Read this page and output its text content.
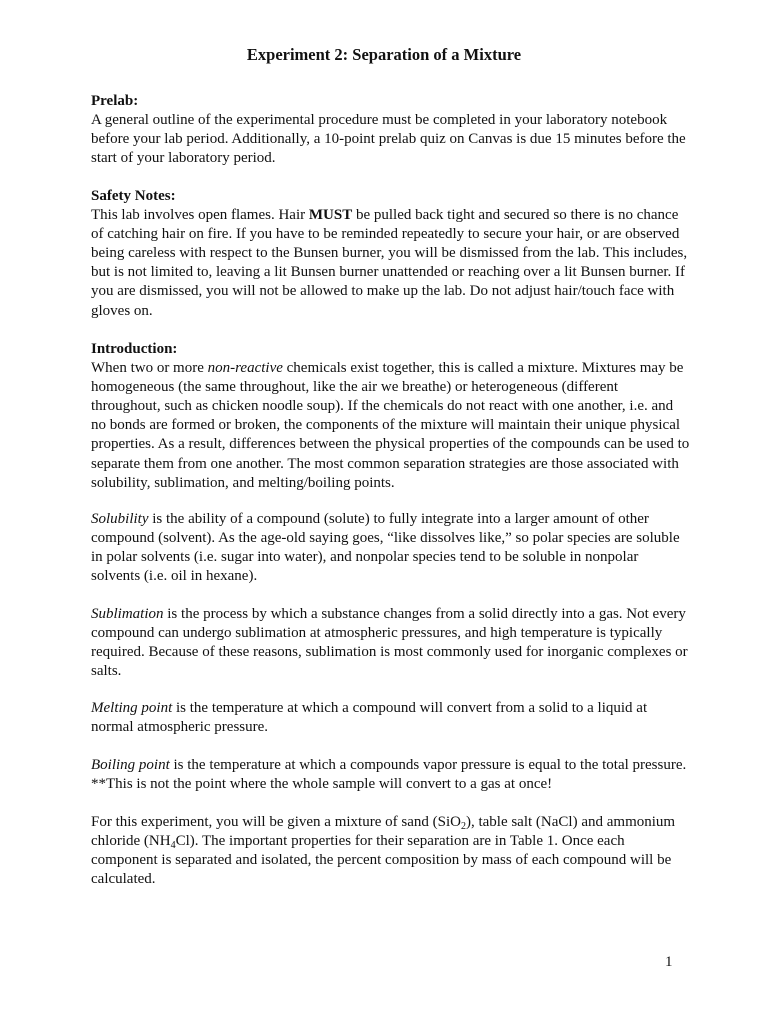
Experiment 2: Separation of a Mixture

Prelab:

A general outline of the experimental procedure must be completed in your laboratory notebook before your lab period. Additionally, a 10-point prelab quiz on Canvas is due 15 minutes before the start of your laboratory period.

Safety Notes:

This lab involves open flames. Hair MUST be pulled back tight and secured so there is no chance of catching hair on fire. If you have to be reminded repeatedly to secure your hair, or are observed being careless with respect to the Bunsen burner, you will be dismissed from the lab. This includes, but is not limited to, leaving a lit Bunsen burner unattended or reaching over a lit Bunsen burner. If you are dismissed, you will not be allowed to make up the lab. Do not adjust hair/touch face with gloves on.

Introduction:

When two or more non-reactive chemicals exist together, this is called a mixture. Mixtures may be homogeneous (the same throughout, like the air we breathe) or heterogeneous (different throughout, such as chicken noodle soup). If the chemicals do not react with one another, i.e. and no bonds are formed or broken, the components of the mixture will maintain their unique physical properties. As a result, differences between the physical properties of the compounds can be used to separate them from one another. The most common separation strategies are those associated with solubility, sublimation, and melting/boiling points.

Solubility is the ability of a compound (solute) to fully integrate into a larger amount of other compound (solvent). As the age-old saying goes, “like dissolves like,” so polar species are soluble in polar solvents (i.e. sugar into water), and nonpolar species tend to be soluble in nonpolar solvents (i.e. oil in hexane).

Sublimation is the process by which a substance changes from a solid directly into a gas. Not every compound can undergo sublimation at atmospheric pressures, and high temperature is typically required. Because of these reasons, sublimation is most commonly used for inorganic complexes or salts.

Melting point is the temperature at which a compound will convert from a solid to a liquid at normal atmospheric pressure.

Boiling point is the temperature at which a compounds vapor pressure is equal to the total pressure. **This is not the point where the whole sample will convert to a gas at once!

For this experiment, you will be given a mixture of sand (SiO$_2$), table salt (NaCl) and ammonium chloride $(NH_4Cl)$. The important properties for their separation are in Table 1. Once each component is separated and isolated, the percent composition by mass of each compound will be calculated.

1
